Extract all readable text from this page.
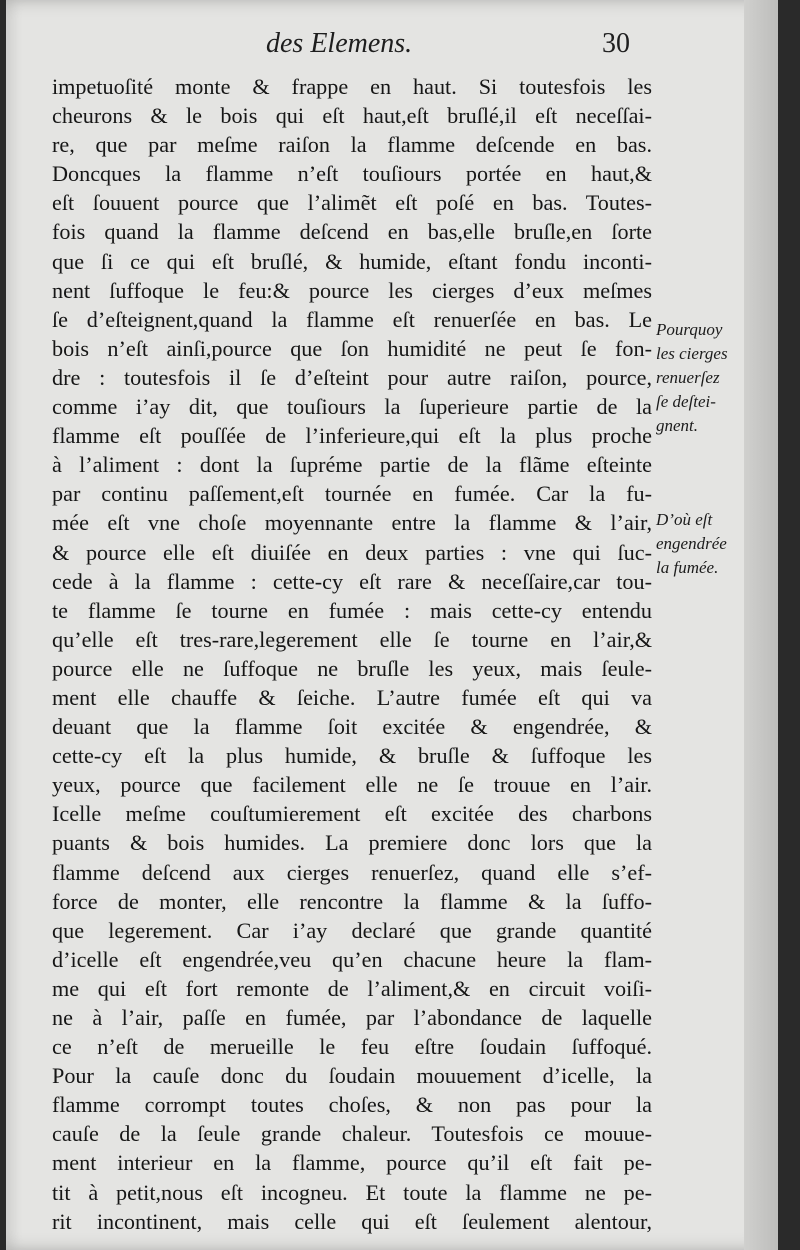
des Elemens.	30
impetuoſité monte & frappe en haut. Si toutesfois les
cheurons & le bois qui eſt haut,eſt bruſlé,il eſt neceſſai-
re, que par meſme raiſon la flamme deſcende en bas.
Doncques la flamme n’eſt touſiours portée en haut,&
eſt ſouuent pource que l’alimẽt eſt poſé en bas. Toutes-
fois quand la flamme deſcend en bas,elle bruſle,en ſorte
que ſi ce qui eſt bruſlé, & humide, eſtant fondu inconti-
nent ſuffoque le feu:& pource les cierges d’eux meſmes
ſe d’eſteignent,quand la flamme eſt renuerſée en bas. Le
bois n’eſt ainſi,pource que ſon humidité ne peut ſe fon-
dre : toutesfois il ſe d’eſteint pour autre raiſon, pource,
comme i’ay dit, que touſiours la ſuperieure partie de la
flamme eſt pouſſée de l’inferieure,qui eſt la plus proche
à l’aliment : dont la ſupréme partie de la flãme eſteinte
par continu paſſement,eſt tournée en fumée. Car la fu-
mée eſt vne choſe moyennante entre la flamme & l’air,
& pource elle eſt diuiſée en deux parties : vne qui ſuc-
cede à la flamme : cette-cy eſt rare & neceſſaire,car tou-
te flamme ſe tourne en fumée : mais cette-cy entendu
qu’elle eſt tres-rare,legerement elle ſe tourne en l’air,&
pource elle ne ſuffoque ne bruſle les yeux, mais ſeule-
ment elle chauffe & ſeiche. L’autre fumée eſt qui va
deuant que la flamme ſoit excitée & engendrée, &
cette-cy eſt la plus humide, & bruſle & ſuffoque les
yeux, pource que facilement elle ne ſe trouue en l’air.
Icelle meſme couſtumierement eſt excitée des charbons
puants & bois humides. La premiere donc lors que la
flamme deſcend aux cierges renuerſez, quand elle s’ef-
force de monter, elle rencontre la flamme & la ſuffo-
que legerement. Car i’ay declaré que grande quantité
d’icelle eſt engendrée,veu qu’en chacune heure la flam-
me qui eſt fort remonte de l’aliment,& en circuit voiſi-
ne à l’air, paſſe en fumée, par l’abondance de laquelle
ce n’eſt de merueille le feu eſtre ſoudain ſuffoqué.
Pour la cauſe donc du ſoudain mouuement d’icelle, la
flamme corrompt toutes choſes, & non pas pour la
cauſe de la ſeule grande chaleur. Toutesfois ce mouue-
ment interieur en la flamme, pource qu’il eſt fait pe-
tit à petit,nous eſt incogneu. Et toute la flamme ne pe-
rit incontinent, mais celle qui eſt ſeulement alentour,
Pourquoy
les cierges
renuerſez
ſe deſtei-
gnent.
D’où eſt
engendrée
la fumée.
